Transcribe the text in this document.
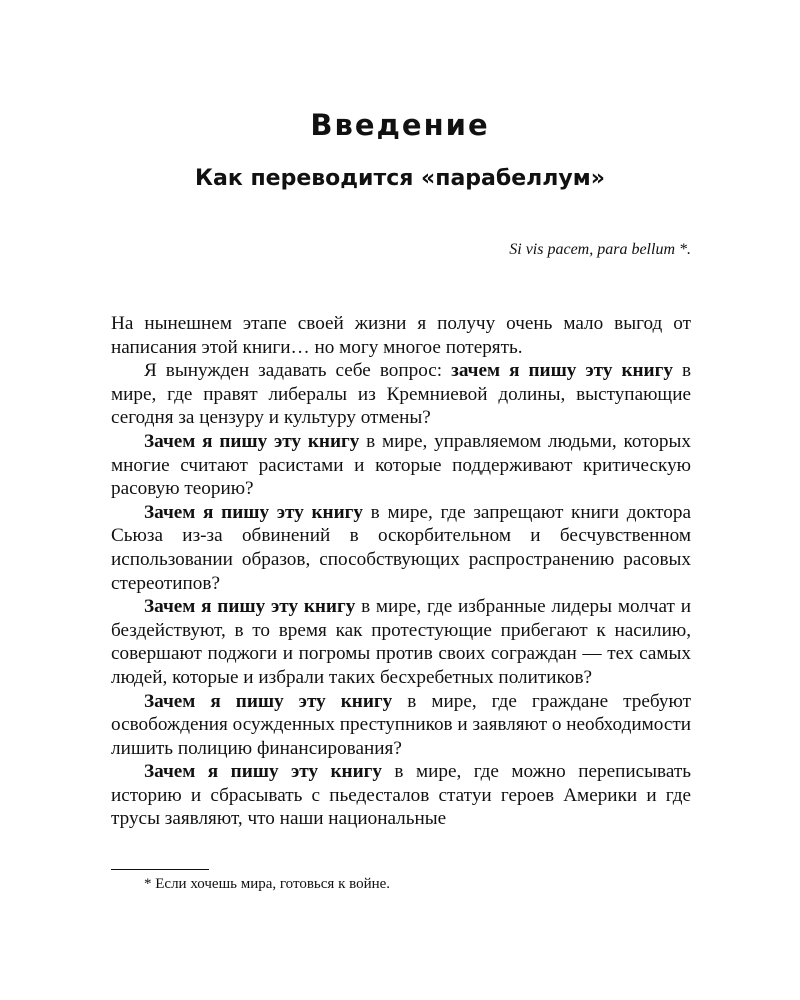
Введение
Как переводится «парабеллум»

Si vis pacem, para bellum *.

На нынешнем этапе своей жизни я получу очень мало выгод от написания этой книги… но могу многое потерять.

Я вынужден задавать себе вопрос: зачем я пишу эту книгу в мире, где правят либералы из Кремниевой долины, выступающие сегодня за цензуру и культуру отмены?

Зачем я пишу эту книгу в мире, управляемом людьми, которых многие считают расистами и которые поддерживают критическую расовую теорию?

Зачем я пишу эту книгу в мире, где запрещают книги доктора Сьюза из-за обвинений в оскорбительном и бесчувственном использовании образов, способствующих распространению расовых стереотипов?

Зачем я пишу эту книгу в мире, где избранные лидеры молчат и бездействуют, в то время как протестующие прибегают к насилию, совершают поджоги и погромы против своих сограждан — тех самых людей, которые и избрали таких бесхребетных политиков?

Зачем я пишу эту книгу в мире, где граждане требуют освобождения осужденных преступников и заявляют о необходимости лишить полицию финансирования?

Зачем я пишу эту книгу в мире, где можно переписывать историю и сбрасывать с пьедесталов статуи героев Америки и где трусы заявляют, что наши национальные

* Если хочешь мира, готовься к войне.
